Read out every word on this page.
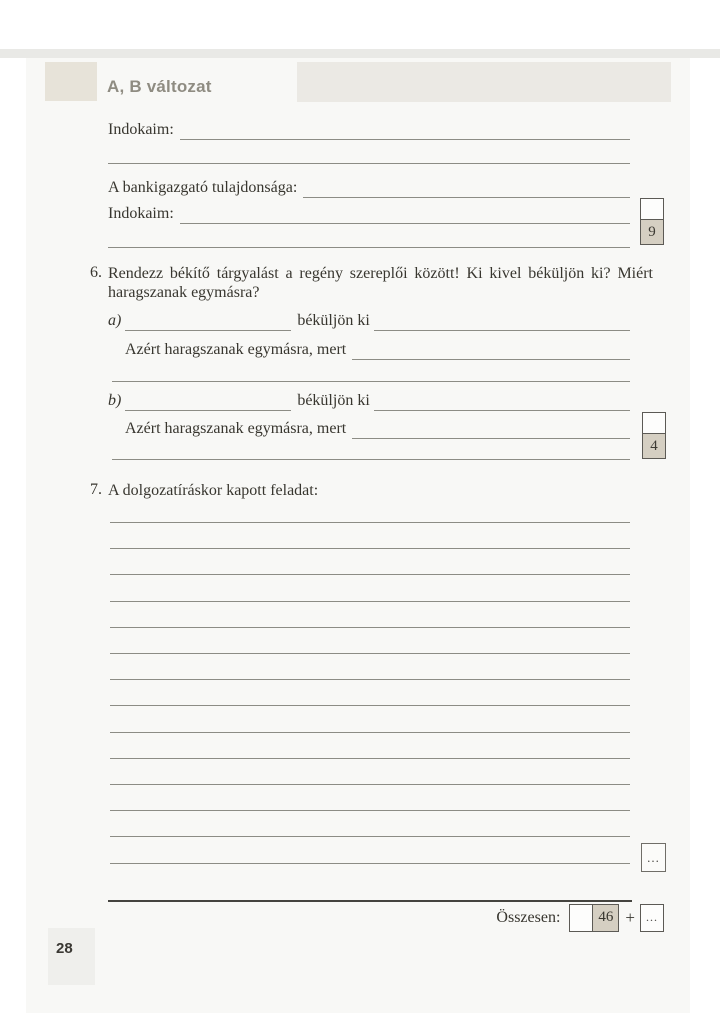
A, B változat
Indokaim:
A bankigazgató tulajdonsága:
Indokaim:
9
6. Rendezz békítő tárgyalást a regény szereplői között! Ki kivel béküljön ki? Miért
haragszanak egymásra?
a)	béküljön ki
Azért haragszanak egymásra, mert
b)	béküljön ki
Azért haragszanak egymásra, mert
4
7. A dolgozatíráskor kapott feladat:
...
Összesen:	46 + ...
28
